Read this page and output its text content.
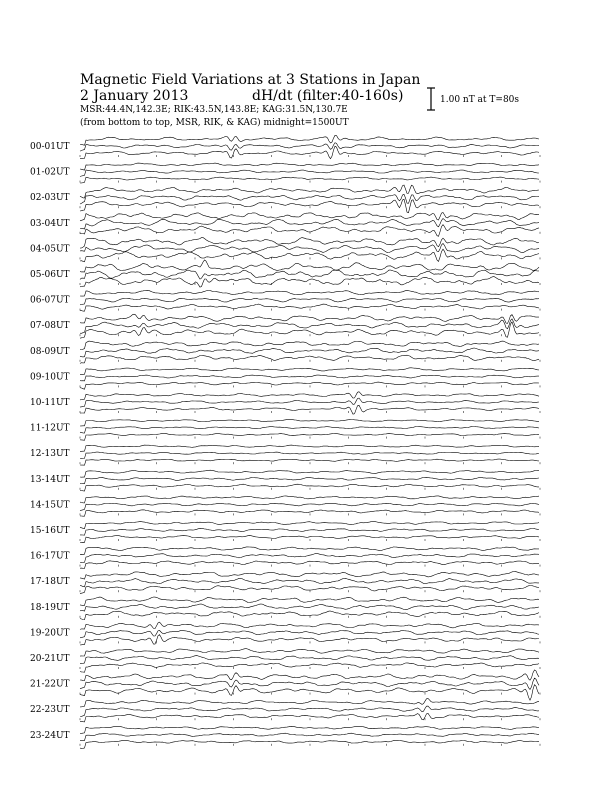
Magnetic Field Variations at 3 Stations in Japan
2 January 2013	dH/dt (filter:40-160s)
MSR:44.4N,142.3E; RIK:43.5N,143.8E; KAG:31.5N,130.7E
(from bottom to top, MSR, RIK, & KAG) midnight=1500UT
1.00 nT at T=80s
00-01UT
01-02UT
02-03UT
03-04UT
04-05UT
05-06UT
06-07UT
07-08UT
08-09UT
09-10UT
10-11UT
11-12UT
12-13UT
13-14UT
14-15UT
15-16UT
16-17UT
17-18UT
18-19UT
19-20UT
20-21UT
21-22UT
22-23UT
23-24UT
